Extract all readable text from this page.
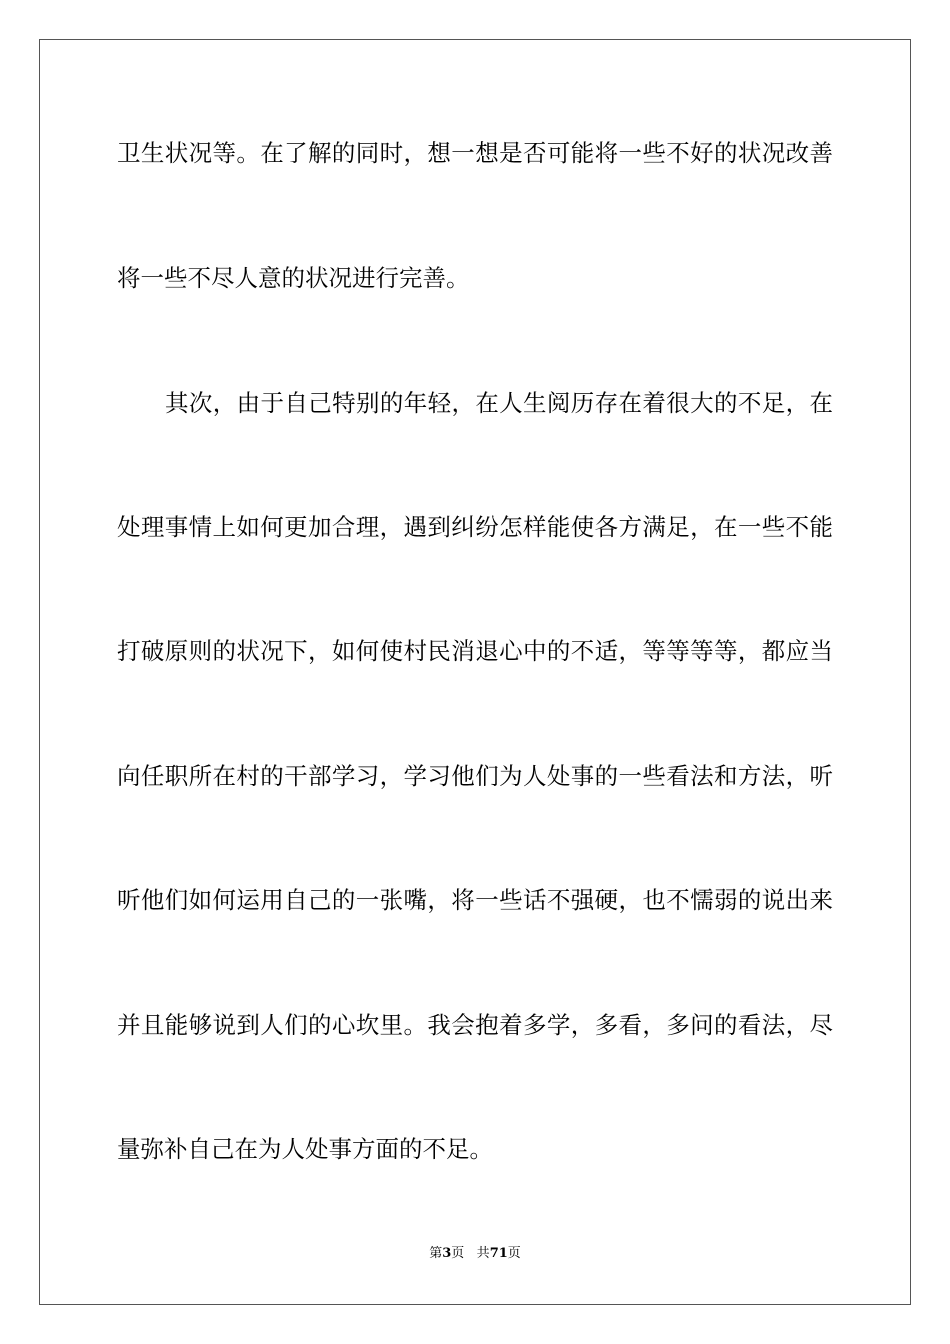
卫生状况等。在了解的同时，想一想是否可能将一些不好的状况改善
将一些不尽人意的状况进行完善。
其次，由于自己特别的年轻，在人生阅历存在着很大的不足，在
处理事情上如何更加合理，遇到纠纷怎样能使各方满足，在一些不能
打破原则的状况下，如何使村民消退心中的不适，等等等等，都应当
向任职所在村的干部学习，学习他们为人处事的一些看法和方法，听
听他们如何运用自己的一张嘴，将一些话不强硬，也不懦弱的说出来
并且能够说到人们的心坎里。我会抱着多学，多看，多问的看法，尽
量弥补自己在为人处事方面的不足。
第3页 共71页
